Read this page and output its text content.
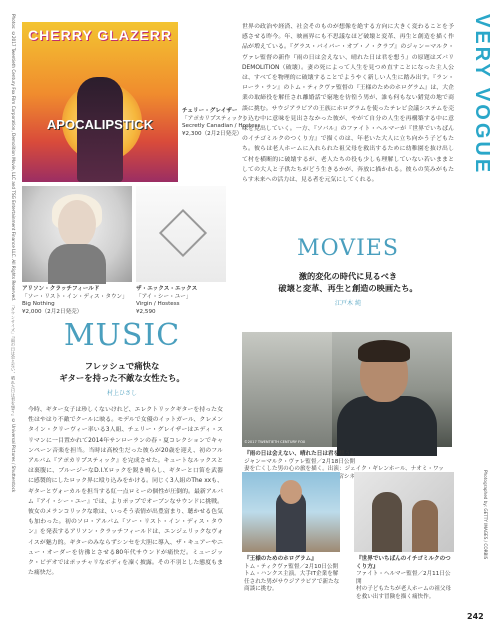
Photos: ©2017 Twentieth Century Fox Film Corporation, Demolition Movie, LLC and TSG Entertainment Finance LLC. All Rights Reserved. 「ダウンサイズ」『雨の日は会えない、晴れた日は君を想う』© Universal Pictures / Shutterstock
Photographed by: GETTY IMAGES / CORBIS
VERY VOGUE
242
CHERRY GLAZERR
APOCALIPSTICK
チェリー・グレイザー
「アポカリプスティック」
Secretly Canadian / Hostess
¥2,300（2月2日発売）
アリソン・クラッチフィールド
「ソー・リスト・イン・ディス・タウン」
Big Nothing
¥2,000（2月2日発売）
ザ・エックス・エックス
「アイ・シー・ユー」
Virgin / Hostess
¥2,590
MUSIC
フレッシュで痛快な
ギターを持った不敵な女性たち。
村上ひさし
今時、ギター女子は珍しくないけれど、エレクトリックギターを持った女性はやはり不敵でクールに映る。モデルで女優のイットガール、クレメンタイン・クリーヴィー率いる3人組、チェリー・グレイザーはエディ・スリマンに一目置かれて2014年サンローランの春・夏コレクションでキャンペーン音楽を担当。当時は高校生だった彼らが20歳を迎え、初のフルアルバム『アポカリプスティック』を完成させた。キュートなルックスとは裏腹に、ブルージーなD.I.Y.ロックを鋭き鳴らし、ギターと口笛を武器に感製的にしたロック界に殴り込みをかける。同じく3人組のThe xxも、ギターとヴォーカルを担当する紅一点ロミーの個性が圧倒的。最新アルバム『アイ・シー・ユー』では、よりポップでオーブンなサウンドに挑戦。彼女のメランコリックな歌は、いっそう表情が出豊富まり、聴かせる色気も加わった。初のソロ・アルバム『ソー・リスト・イン・ディス・タウン』を発表するアリソン・クラッチフィールドは、エンジェリックなヴォイスが魅力的。ギターのみならずシンセを大胆に導入、ザ・キュアーやニュー・オーダーを彷彿とさせる80年代サウンドが痛快だ。ミュージック・ビデオではポッチャリなボディを凜く披露。その不羽とした態度もまた痛快だ。
世界の政治や経済、社会そのものが想像を絶する方向に大きく変わることを予感させる昨今。年、映画界にも不思議なほど破壊と変革、再生と創造を描く作品が増えている。『グラス・パイパー・オブ・ノ・クラブ』のジャン＝マルク・ヴァレ監督の新作『雨の日は会えない、晴れた日は君を想う』の原題はズバリDEMOLITION（破壊）。妻の死によって人生を見つめ直すことになった主人公は、すべてを物理的に破壊することでようやく新しい人生に踏み出す。『ラン・ローラ・ラン』のトム・ティクヴァ監督の『王様のためのホログラム』は、大企業の取締役を解任され離婚話で窮地を彷徨う男が、誰も何もない錯覚の地で商談に挑む。サウジアラビアの王族にホログラムを使ったテレビ会議システムを売り込む中に意味を見出さなかった彼が、やがて自分の人生を再構築する中に意味を見出していく。一方、『ソバル』のファイト・ヘルマーが『世界でいちばんのイチゴミルクのつくり方』で描くのは、年老いた大人に立ち向かう子どもたち。彼らは老人ホームに入れられた祖父母を救出するために幼稚園を抜け出して村を横断的に破壊するが、老人たちの役も少しも理解していない若いままとしての大人と子供たちがどう生きるかが、奔放に描かれる。彼らの笑みがもたらす未来への活力は、見る者を元気にしてくれる。
MOVIES
激的変化の時代に見るべき
破壊と変革、再生と創造の映画たち。
江戸木 純
©2017 TWENTIETH CENTURY FOX
『雨の日は会えない、晴れた日は君を想う』
ジャン＝マルク・ヴァレ監督／2月18日公開
妻を亡くした男の心の旅を描く。出演：ジェイク・ギレンホール、ナオミ・ワッ の新宿シネマカリ
『王様のためのホログラム』
トム・ティクヴァ監督／2月10日公開
トム・ハンクス主演。大手IT企業を解任された男がサウジアラビアで新たな商談に挑む。
『世界でいちばんのイチゴミルクのつくり方』
ファイト・ヘルマー監督／2月11日公開
村の子どもたちが老人ホームの祖父母を救い出す冒険を描く痛快作。
